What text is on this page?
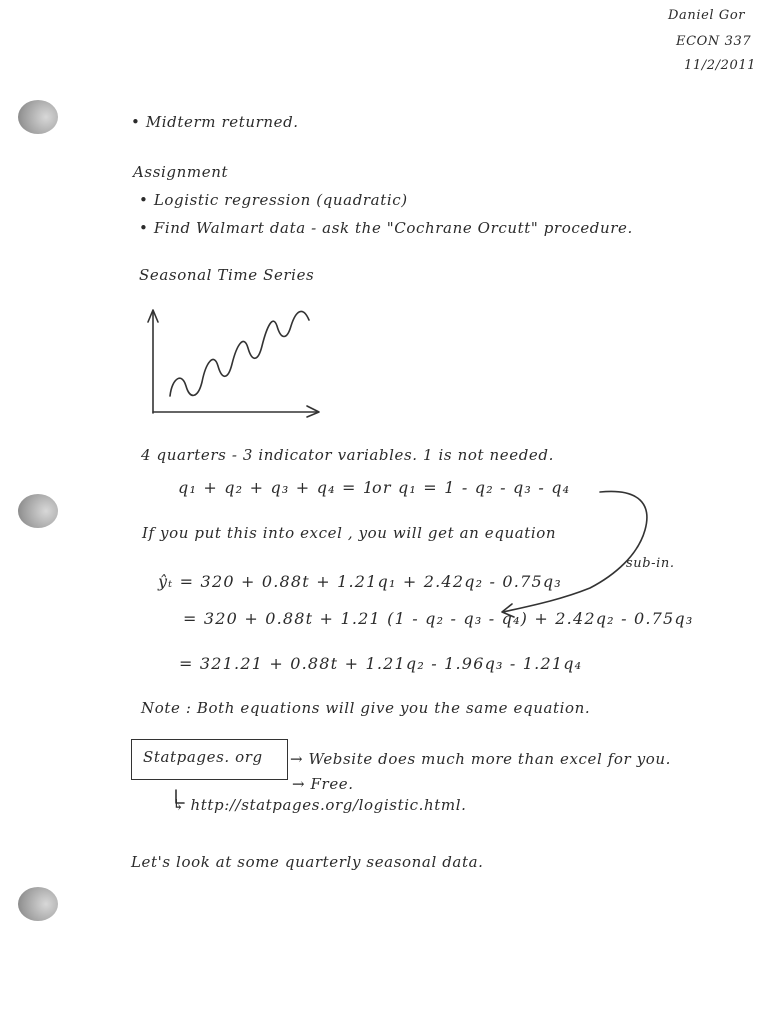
Daniel Gor
ECON 337
11/2/2011
• Midterm returned.
Assignment
• Logistic regression (quadratic)
• Find Walmart data - ask the "Cochrane Orcutt" procedure.
Seasonal Time Series
4 quarters - 3 indicator variables. 1 is not needed.
q₁ + q₂ + q₃ + q₄ = 1
or q₁ = 1 - q₂ - q₃ - q₄
If you put this into excel , you will get an equation
sub-in.
ŷₜ = 320 + 0.88t + 1.21q₁ + 2.42q₂ - 0.75q₃
= 320 + 0.88t + 1.21 (1 - q₂ - q₃ - q₄) + 2.42q₂ - 0.75q₃
= 321.21 + 0.88t + 1.21q₂ - 1.96q₃ - 1.21q₄
Note : Both equations will give you the same equation.
Statpages. org → Website does much more than excel for you.
→ Free.
↳ http://statpages.org/logistic.html.
Let's look at some quarterly seasonal data.
